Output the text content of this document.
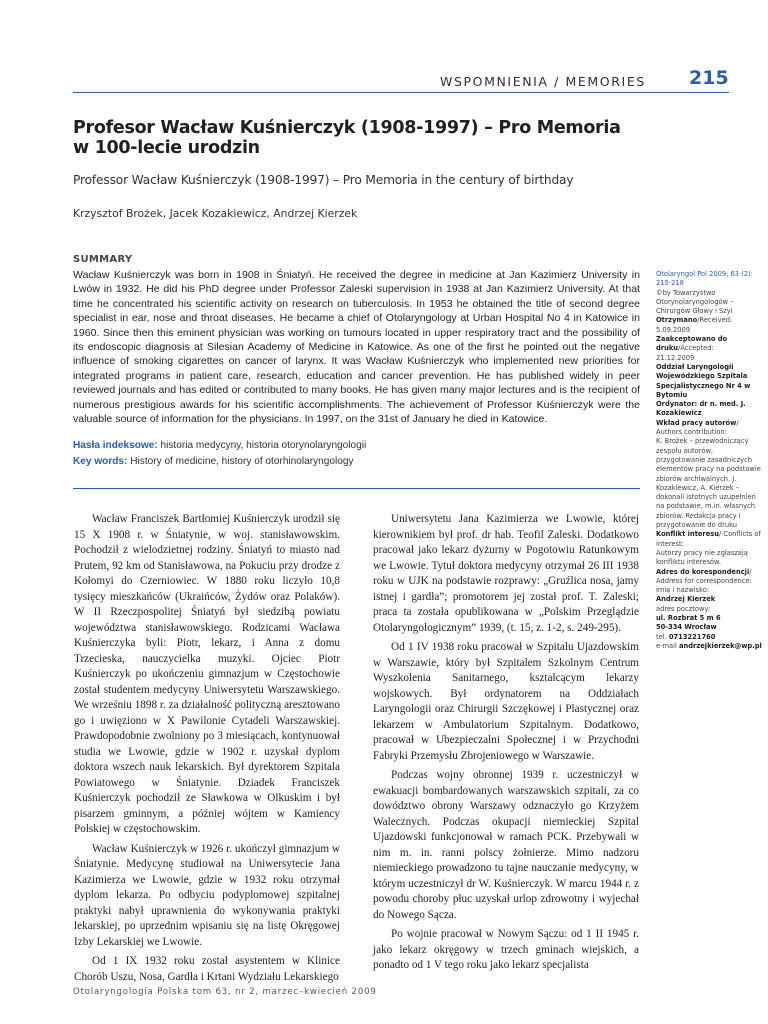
WSPOMNIENIA / MEMORIES 215
Profesor Wacław Kuśnierczyk (1908-1997) – Pro Memoria
w 100-lecie urodzin
Professor Wacław Kuśnierczyk (1908-1997) – Pro Memoria in the century of birthday
Krzysztof Brożek, Jacek Kozakiewicz, Andrzej Kierzek
SUMMARY
Wacław Kuśnierczyk was born in 1908 in Śniatyń. He received the degree in medicine at Jan Kazimierz University in Lwów in 1932. He did his PhD degree under Professor Zaleski supervision in 1938 at Jan Kazimierz University. At that time he concentrated his scientific activity on research on tuberculosis. In 1953 he obtained the title of second degree specialist in ear, nose and throat diseases. He became a chief of Otolaryngology at Urban Hospital No 4 in Katowice in 1960. Since then this eminent physician was working on tumours located in upper respiratory tract and the possibility of its endoscopic diagnosis at Silesian Academy of Medicine in Katowice. As one of the first he pointed out the negative influence of smoking cigarettes on cancer of larynx. It was Wacław Kuśnierczyk who implemented new priorities for integrated programs in patient care, research, education and cancer prevention. He has published widely in peer reviewed journals and has edited or contributed to many books. He has given many major lectures and is the recipient of numerous prestigious awards for his scientific accomplishments. The achievement of Professor Kuśnierczyk were the valuable source of information for the physicians. In 1997, on the 31st of January he died in Katowice.
Hasła indeksowe: historia medycyny, historia otorynolaryngologii
Key words: History of medicine, history of otorhinolaryngology

Wacław Franciszek Bartłomiej Kuśnierczyk urodził się 15 X 1908 r. w Śniatynie, w woj. stanisławowskim. Pochodził z wielodzietnej rodziny. Śniatyń to miasto nad Prutem, 92 km od Stanisławowa, na Pokuciu przy drodze z Kołomyi do Czerniowiec. W 1880 roku liczyło 10,8 tysięcy mieszkańców (Ukraińców, Żydów oraz Polaków). W II Rzeczpospolitej Śniatyń był siedzibą powiatu województwa stanisławowskiego. Rodzicami Wacława Kuśnierczyka byli: Piotr, lekarz, i Anna z domu Trzecieska, nauczycielka muzyki. Ojciec Piotr Kuśnierczyk po ukończeniu gimnazjum w Częstochowie został studentem medycyny Uniwersytetu Warszawskiego. We wrześniu 1898 r. za działalność polityczną aresztowano go i uwięziono w X Pawilonie Cytadeli Warszawskiej. Prawdopodobnie zwolniony po 3 miesiącach, kontynuował studia we Lwowie, gdzie w 1902 r. uzyskał dyplom doktora wszech nauk lekarskich. Był dyrektorem Szpitala Powiatowego w Śniatynie. Dziadek Franciszek Kuśnierczyk pochodził ze Sławkowa w Olkuskim i był pisarzem gminnym, a później wójtem w Kamiency Polskiej w częstochowskim.

Wacław Kuśnierczyk w 1926 r. ukończył gimnazjum w Śniatynie. Medycynę studiował na Uniwersytecie Jana Kazimierza we Lwowie, gdzie w 1932 roku otrzymał dyplom lekarza. Po odbyciu podyplomowej szpitalnej praktyki nabył uprawnienia do wykonywania praktyki lekarskiej, po uprzednim wpisaniu się na listę Okręgowej Izby Lekarskiej we Lwowie.

Od 1 IX 1932 roku został asystentem w Klinice Chorób Uszu, Nosa, Gardła i Krtani Wydziału Lekarskiego

Uniwersytetu Jana Kazimierza we Lwowie, której kierownikiem był prof. dr hab. Teofil Zaleski. Dodatkowo pracował jako lekarz dyżurny w Pogotowiu Ratunkowym we Lwowie. Tytuł doktora medycyny otrzymał 26 III 1938 roku w UJK na podstawie rozprawy: „Gruźlica nosa, jamy istnej i gardła”; promotorem jej został prof. T. Zaleski; praca ta została opublikowana w „Polskim Przeglądzie Otolaryngologicznym” 1939, (t. 15, z. 1-2, s. 249-295).

Od 1 IV 1938 roku pracował w Szpitalu Ujazdowskim w Warszawie, który był Szpitalem Szkolnym Centrum Wyszkolenia Sanitarnego, kształcącym lekarzy wojskowych. Był ordynatorem na Oddziałach Laryngologii oraz Chirurgii Szczękowej i Plastycznej oraz lekarzem w Ambulatorium Szpitalnym. Dodatkowo, pracował w Ubezpieczalni Społecznej i w Przychodni Fabryki Przemysłu Zbrojeniowego w Warszawie.

Podczas wojny obronnej 1939 r. uczestniczył w ewakuacji bombardowanych warszawskich szpitali, za co dowództwo obrony Warszawy odznaczyło go Krzyżem Walecznych. Podczas okupacji niemieckiej Szpital Ujazdowski funkcjonował w ramach PCK. Przebywali w nim m. in. ranni polscy żołnierze. Mimo nadzoru niemieckiego prowadzono tu tajne nauczanie medycyny, w którym uczestniczył dr W. Kuśnierczyk. W marcu 1944 r. z powodu choroby płuc uzyskał urlop zdrowotny i wyjechał do Nowego Sącza.

Po wojnie pracował w Nowym Sączu: od 1 II 1945 r. jako lekarz okręgowy w trzech gminach wiejskich, a ponadto od 1 V tego roku jako lekarz specjalista

Otolaryngologia Polska tom 63, nr 2, marzec–kwiecień 2009
Otolaryngol Pol 2009; 63 (2): 215-218
©by Towarzystwo Otorynolaryngologów – Chirurgów Głowy i Szyi
Otrzymano/Received:
5.09.2009
Zaakceptowano do druku/Accepted:
21.12.2009
Oddział Laryngologii Wojewódzkiego Szpitala Specjalistycznego Nr 4 w Bytomiu
Ordynator: dr n. med. J. Kozakiewicz
Wkład pracy autorów/ Authors contribution:
K. Brożek – przewodniczący zespołu autorów, przygotowanie zasadniczych elementów pracy na podstawie zbiorów archiwalnych. J. Kozakiewicz, A. Kierzek – dokonali istotnych uzupełnień na podstawie, m.in. własnych zbiorów. Redakcja pracy i przygotowanie do druku
Konflikt interesu/ Conflicts of interest:
Autorzy pracy nie zgłaszają konfliktu interesów.
Adres do korespondencji/ Address for correspondence:
imię i nazwisko:
Andrzej Kierzek
adres pocztowy:
ul. Rozbrat 5 m 6
50-334 Wrocław
tel. 0713221760
e-mail andrzejkierzek@wp.pl
